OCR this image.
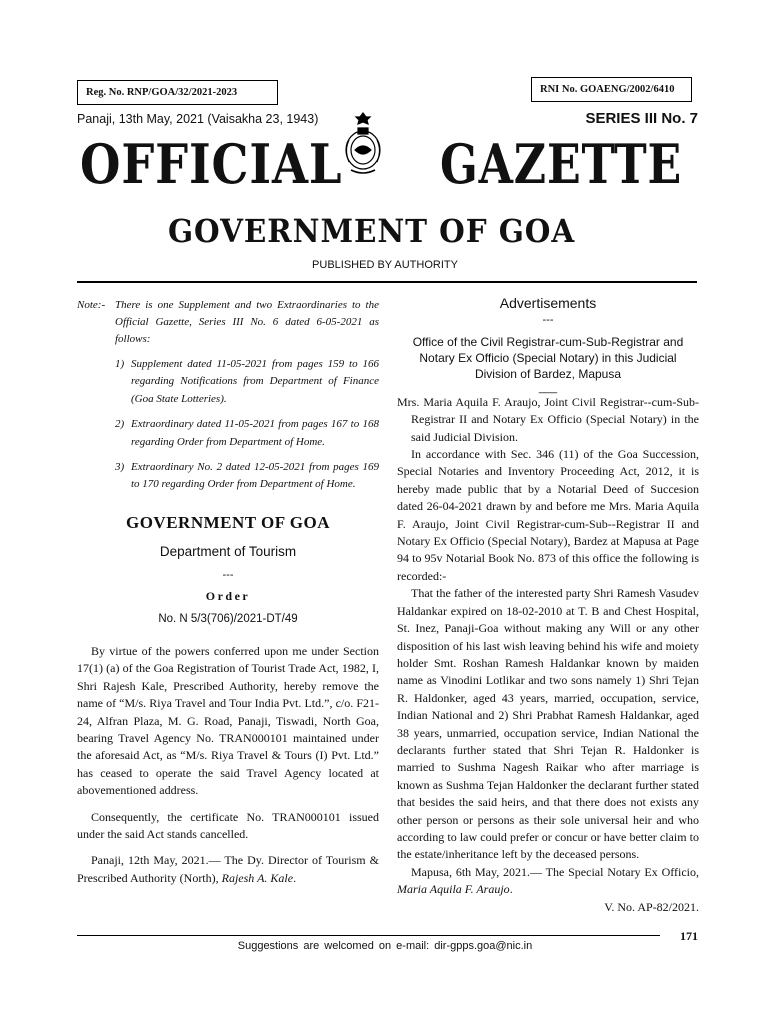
Reg. No. RNP/GOA/32/2021-2023	RNI No. GOAENG/2002/6410
Panaji, 13th May, 2021 (Vaisakha 23, 1943)	SERIES III No. 7
OFFICIAL GAZETTE
GOVERNMENT OF GOA
PUBLISHED BY AUTHORITY
Note:- There is one Supplement and two Extraordinaries to the Official Gazette, Series III No. 6 dated 6-05-2021 as follows:
1) Supplement dated 11-05-2021 from pages 159 to 166 regarding Notifications from Department of Finance (Goa State Lotteries).
2) Extraordinary dated 11-05-2021 from pages 167 to 168 regarding Order from Department of Home.
3) Extraordinary No. 2 dated 12-05-2021 from pages 169 to 170 regarding Order from Department of Home.
GOVERNMENT OF GOA
Department of Tourism
---
Order
No. N 5/3(706)/2021-DT/49

By virtue of the powers conferred upon me under Section 17(1) (a) of the Goa Registration of Tourist Trade Act, 1982, I, Shri Rajesh Kale, Prescribed Authority, hereby remove the name of “M/s. Riya Travel and Tour India Pvt. Ltd.”, c/o. F21-24, Alfran Plaza, M. G. Road, Panaji, Tiswadi, North Goa, bearing Travel Agency No. TRAN000101 maintained under the aforesaid Act, as “M/s. Riya Travel & Tours (I) Pvt. Ltd.” has ceased to operate the said Travel Agency located at abovementioned address.

Consequently, the certificate No. TRAN000101 issued under the said Act stands cancelled.

Panaji, 12th May, 2021.— The Dy. Director of Tourism & Prescribed Authority (North), Rajesh A. Kale.

Advertisements
---
Office of the Civil Registrar-cum-Sub-Registrar and Notary Ex Officio (Special Notary) in this Judicial Division of Bardez, Mapusa
___

Mrs. Maria Aquila F. Araujo, Joint Civil Registrar--cum-Sub-Registrar II and Notary Ex Officio (Special Notary) in the said Judicial Division.

In accordance with Sec. 346 (11) of the Goa Succession, Special Notaries and Inventory Proceeding Act, 2012, it is hereby made public that by a Notarial Deed of Succesion dated 26-04-2021 drawn by and before me Mrs. Maria Aquila F. Araujo, Joint Civil Registrar-cum-Sub--Registrar II and Notary Ex Officio (Special Notary), Bardez at Mapusa at Page 94 to 95v Notarial Book No. 873 of this office the following is recorded:-

That the father of the interested party Shri Ramesh Vasudev Haldankar expired on 18-02-2010 at T. B and Chest Hospital, St. Inez, Panaji-Goa without making any Will or any other disposition of his last wish leaving behind his wife and moiety holder Smt. Roshan Ramesh Haldankar known by maiden name as Vinodini Lotlikar and two sons namely 1) Shri Tejan R. Haldonker, aged 43 years, married, occupation, service, Indian National and 2) Shri Prabhat Ramesh Haldankar, aged 38 years, unmarried, occupation service, Indian National the declarants further stated that Shri Tejan R. Haldonker is married to Sushma Nagesh Raikar who after marriage is known as Sushma Tejan Haldonker the declarant further stated that besides the said heirs, and that there does not exists any other person or persons as their sole universal heir and who according to law could prefer or concur or have better claim to the estate/inheritance left by the deceased persons.

Mapusa, 6th May, 2021.— The Special Notary Ex Officio, Maria Aquila F. Araujo.

V. No. AP-82/2021.

171
Suggestions are welcomed on e-mail: dir-gpps.goa@nic.in
